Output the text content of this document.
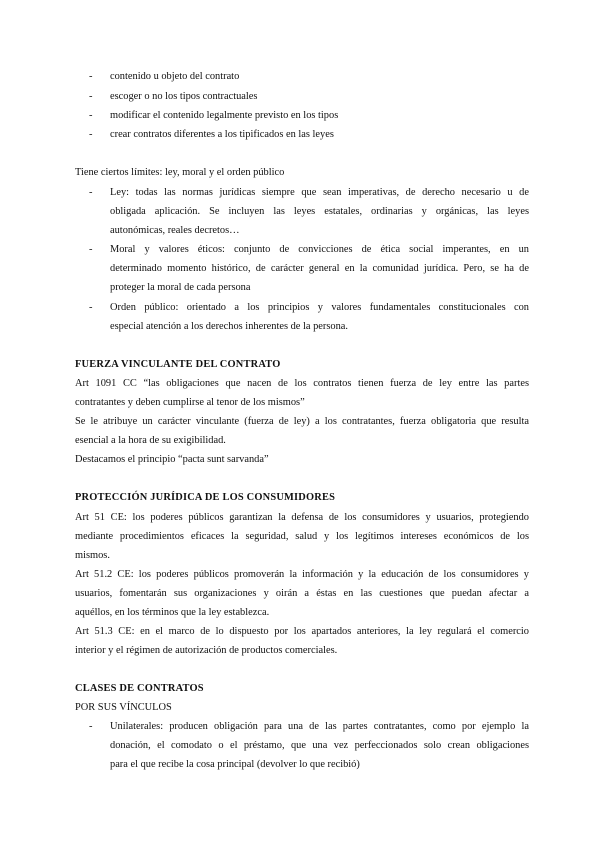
- contenido u objeto del contrato
- escoger o no los tipos contractuales
- modificar el contenido legalmente previsto en los tipos
- crear contratos diferentes a los tipificados en las leyes
Tiene ciertos límites: ley, moral y el orden público
- Ley: todas las normas jurídicas siempre que sean imperativas, de derecho necesario u de
obligada aplicación. Se incluyen las leyes estatales, ordinarias y orgánicas, las leyes
autonómicas, reales decretos…
- Moral y valores éticos: conjunto de convicciones de ética social imperantes, en un
determinado momento histórico, de carácter general en la comunidad jurídica. Pero, se ha de
proteger la moral de cada persona
- Orden público: orientado a los principios y valores fundamentales constitucionales con
especial atención a los derechos inherentes de la persona.
FUERZA VINCULANTE DEL CONTRATO
Art 1091 CC “las obligaciones que nacen de los contratos tienen fuerza de ley entre las partes
contratantes y deben cumplirse al tenor de los mismos”
Se le atribuye un carácter vinculante (fuerza de ley) a los contratantes, fuerza obligatoria que resulta
esencial a la hora de su exigibilidad.
Destacamos el principio “pacta sunt sarvanda”
PROTECCIÓN JURÍDICA DE LOS CONSUMIDORES
Art 51 CE: los poderes públicos garantizan la defensa de los consumidores y usuarios, protegiendo
mediante procedimientos eficaces la seguridad, salud y los legítimos intereses económicos de los
mismos.
Art 51.2 CE: los poderes públicos promoverán la información y la educación de los consumidores y
usuarios, fomentarán sus organizaciones y oirán a éstas en las cuestiones que puedan afectar a
aquéllos, en los términos que la ley establezca.
Art 51.3 CE: en el marco de lo dispuesto por los apartados anteriores, la ley regulará el comercio
interior y el régimen de autorización de productos comerciales.
CLASES DE CONTRATOS
POR SUS VÍNCULOS
- Unilaterales: producen obligación para una de las partes contratantes, como por ejemplo la
donación, el comodato o el préstamo, que una vez perfeccionados solo crean obligaciones
para el que recibe la cosa principal (devolver lo que recibió)
